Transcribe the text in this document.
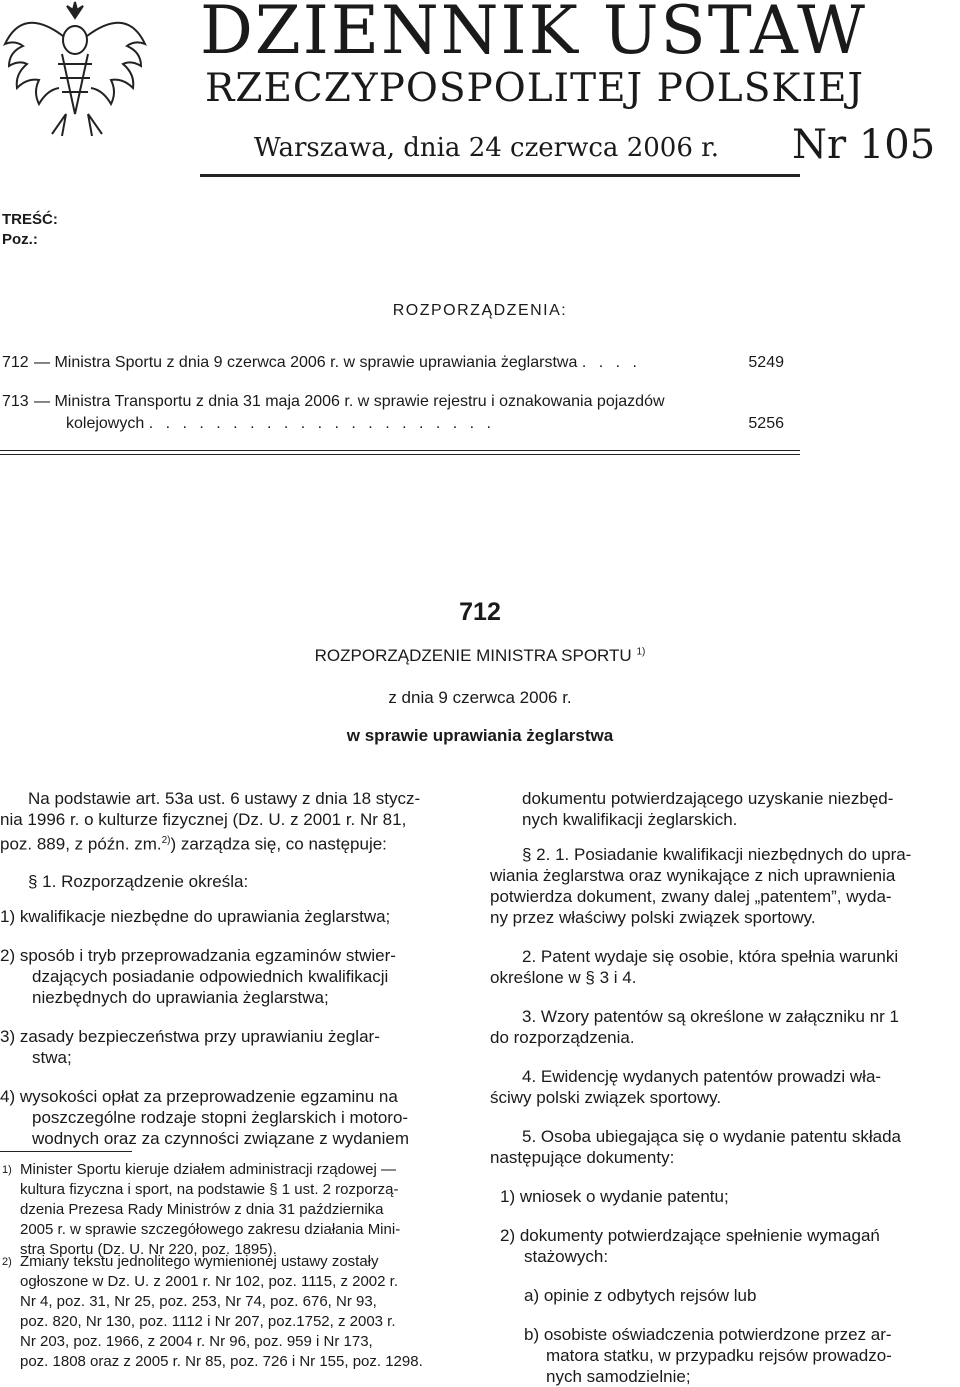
DZIENNIK USTAW
RZECZYPOSPOLITEJ POLSKIEJ
Warszawa, dnia 24 czerwca 2006 r. Nr 105
TREŚĆ:
Poz.:
ROZPORZĄDZENIA:
712 — Ministra Sportu z dnia 9 czerwca 2006 r. w sprawie uprawiania żeglarstwa . . . .	5249
713 — Ministra Transportu z dnia 31 maja 2006 r. w sprawie rejestru i oznakowania pojazdów
kolejowych . . . . . . . . . . . . . . . . . . . . .	5256
712
ROZPORZĄDZENIE MINISTRA SPORTU $^{1)}$
z dnia 9 czerwca 2006 r.
w sprawie uprawiania żeglarstwa
Na podstawie art. 53a ust. 6 ustawy z dnia 18 stycz-
nia 1996 r. o kulturze fizycznej (Dz. U. z 2001 r. Nr 81,
poz. 889, z późn. zm.$^{2)}$) zarządza się, co następuje:
§ 1. Rozporządzenie określa:
1) kwalifikacje niezbędne do uprawiania żeglarstwa;
2) sposób i tryb przeprowadzania egzaminów stwier-
dzających posiadanie odpowiednich kwalifikacji
niezbędnych do uprawiania żeglarstwa;
3) zasady bezpieczeństwa przy uprawianiu żeglar-
stwa;
4) wysokości opłat za przeprowadzenie egzaminu na
poszczególne rodzaje stopni żeglarskich i motoro-
wodnych oraz za czynności związane z wydaniem
1) Minister Sportu kieruje działem administracji rządowej —
kultura fizyczna i sport, na podstawie § 1 ust. 2 rozporzą-
dzenia Prezesa Rady Ministrów z dnia 31 października
2005 r. w sprawie szczegółowego zakresu działania Mini-
stra Sportu (Dz. U. Nr 220, poz. 1895).
2) Zmiany tekstu jednolitego wymienionej ustawy zostały
ogłoszone w Dz. U. z 2001 r. Nr 102, poz. 1115, z 2002 r.
Nr 4, poz. 31, Nr 25, poz. 253, Nr 74, poz. 676, Nr 93,
poz. 820, Nr 130, poz. 1112 i Nr 207, poz.1752, z 2003 r.
Nr 203, poz. 1966, z 2004 r. Nr 96, poz. 959 i Nr 173,
poz. 1808 oraz z 2005 r. Nr 85, poz. 726 i Nr 155, poz. 1298.
dokumentu potwierdzającego uzyskanie niezbęd-
nych kwalifikacji żeglarskich.
§ 2. 1. Posiadanie kwalifikacji niezbędnych do upra-
wiania żeglarstwa oraz wynikające z nich uprawnienia
potwierdza dokument, zwany dalej „patentem”, wyda-
ny przez właściwy polski związek sportowy.
2. Patent wydaje się osobie, która spełnia warunki
określone w § 3 i 4.
3. Wzory patentów są określone w załączniku nr 1
do rozporządzenia.
4. Ewidencję wydanych patentów prowadzi wła-
ściwy polski związek sportowy.
5. Osoba ubiegająca się o wydanie patentu składa
następujące dokumenty:
1) wniosek o wydanie patentu;
2) dokumenty potwierdzające spełnienie wymagań
stażowych:
a) opinie z odbytych rejsów lub
b) osobiste oświadczenia potwierdzone przez ar-
matora statku, w przypadku rejsów prowadzo-
nych samodzielnie;
